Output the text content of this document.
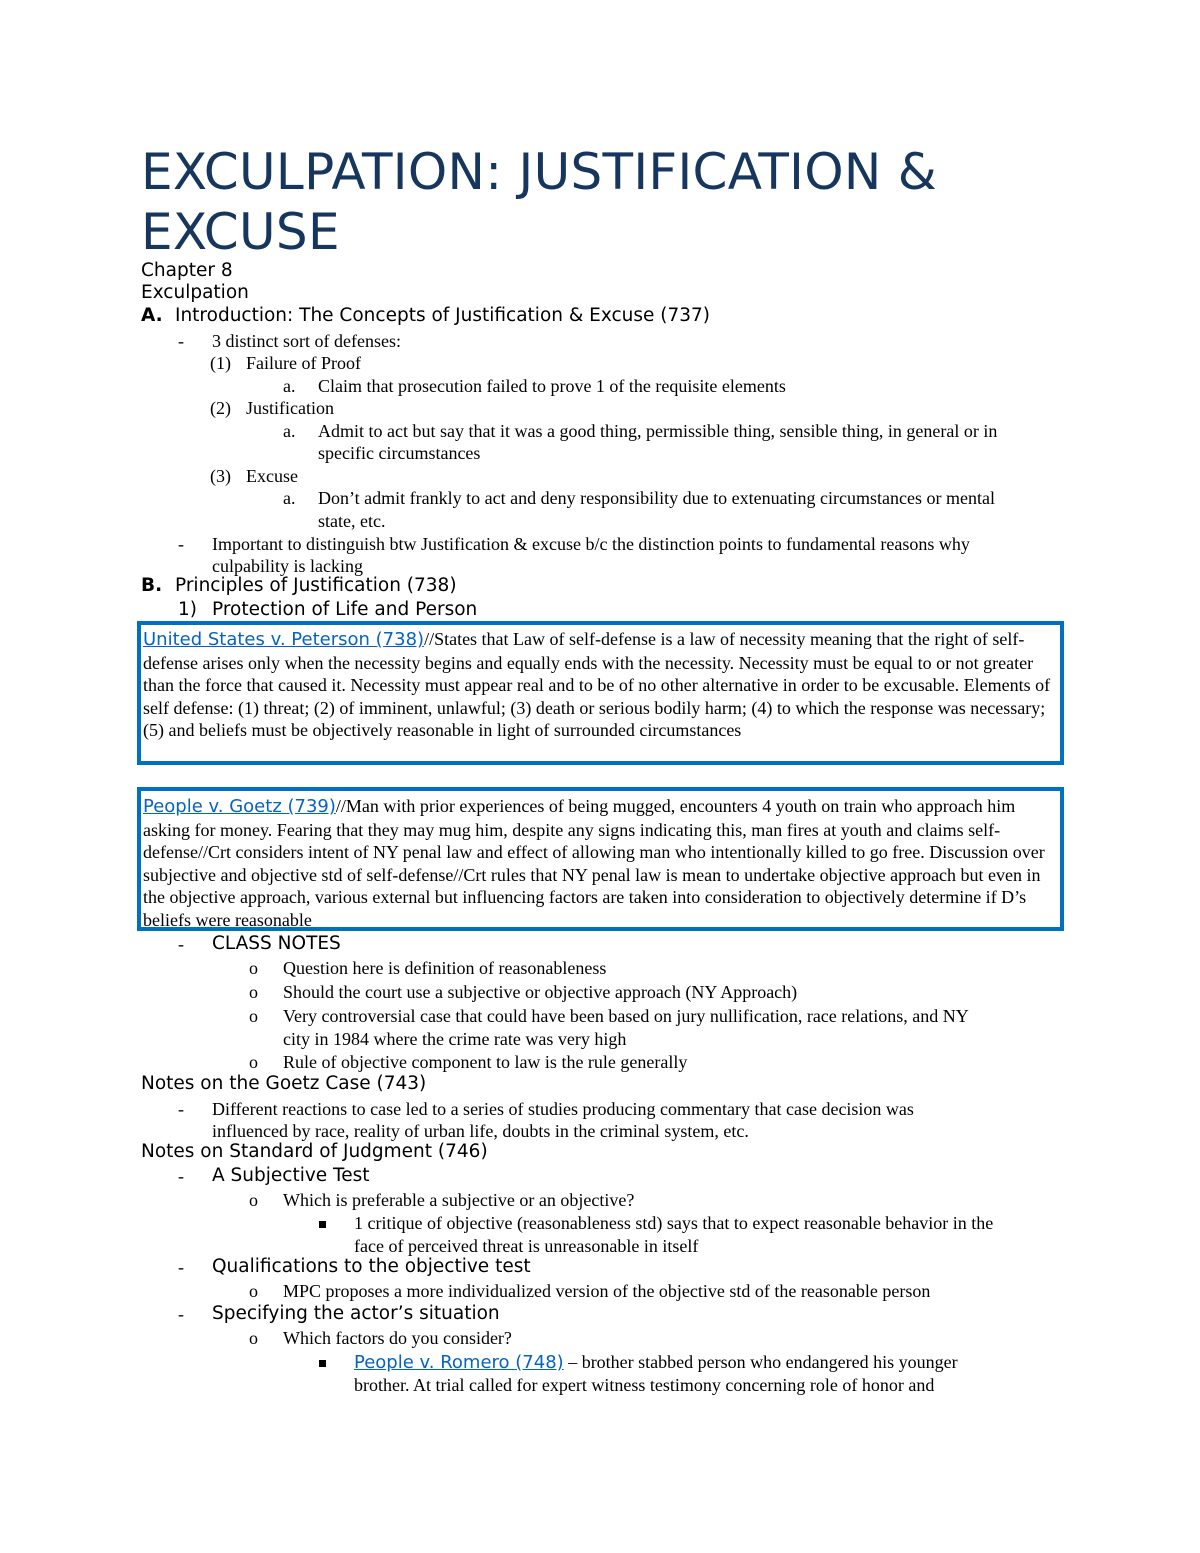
EXCULPATION: JUSTIFICATION & EXCUSE
Chapter 8
Exculpation
A. Introduction: The Concepts of Justification & Excuse (737)
- 3 distinct sort of defenses:
(1) Failure of Proof
a. Claim that prosecution failed to prove 1 of the requisite elements
(2) Justification
a. Admit to act but say that it was a good thing, permissible thing, sensible thing, in general or in
specific circumstances
(3) Excuse
a. Don’t admit frankly to act and deny responsibility due to extenuating circumstances or mental
state, etc.
- Important to distinguish btw Justification & excuse b/c the distinction points to fundamental reasons why
culpability is lacking
B. Principles of Justification (738)
1) Protection of Life and Person
United States v. Peterson (738)//States that Law of self-defense is a law of necessity meaning that the right of self-defense arises only when the necessity begins and equally ends with the necessity. Necessity must be equal to or not greater than the force that caused it. Necessity must appear real and to be of no other alternative in order to be excusable. Elements of self defense: (1) threat; (2) of imminent, unlawful; (3) death or serious bodily harm; (4) to which the response was necessary; (5) and beliefs must be objectively reasonable in light of surrounded circumstances
People v. Goetz (739)//Man with prior experiences of being mugged, encounters 4 youth on train who approach him asking for money. Fearing that they may mug him, despite any signs indicating this, man fires at youth and claims self-defense//Crt considers intent of NY penal law and effect of allowing man who intentionally killed to go free. Discussion over subjective and objective std of self-defense//Crt rules that NY penal law is mean to undertake objective approach but even in the objective approach, various external but influencing factors are taken into consideration to objectively determine if D’s beliefs were reasonable
- CLASS NOTES
o Question here is definition of reasonableness
o Should the court use a subjective or objective approach (NY Approach)
o Very controversial case that could have been based on jury nullification, race relations, and NY
city in 1984 where the crime rate was very high
o Rule of objective component to law is the rule generally
Notes on the Goetz Case (743)
- Different reactions to case led to a series of studies producing commentary that case decision was
influenced by race, reality of urban life, doubts in the criminal system, etc.
Notes on Standard of Judgment (746)
- A Subjective Test
o Which is preferable a subjective or an objective?
1 critique of objective (reasonableness std) says that to expect reasonable behavior in the
face of perceived threat is unreasonable in itself
- Qualifications to the objective test
o MPC proposes a more individualized version of the objective std of the reasonable person
- Specifying the actor’s situation
o Which factors do you consider?
People v. Romero (748) – brother stabbed person who endangered his younger
brother. At trial called for expert witness testimony concerning role of honor and
